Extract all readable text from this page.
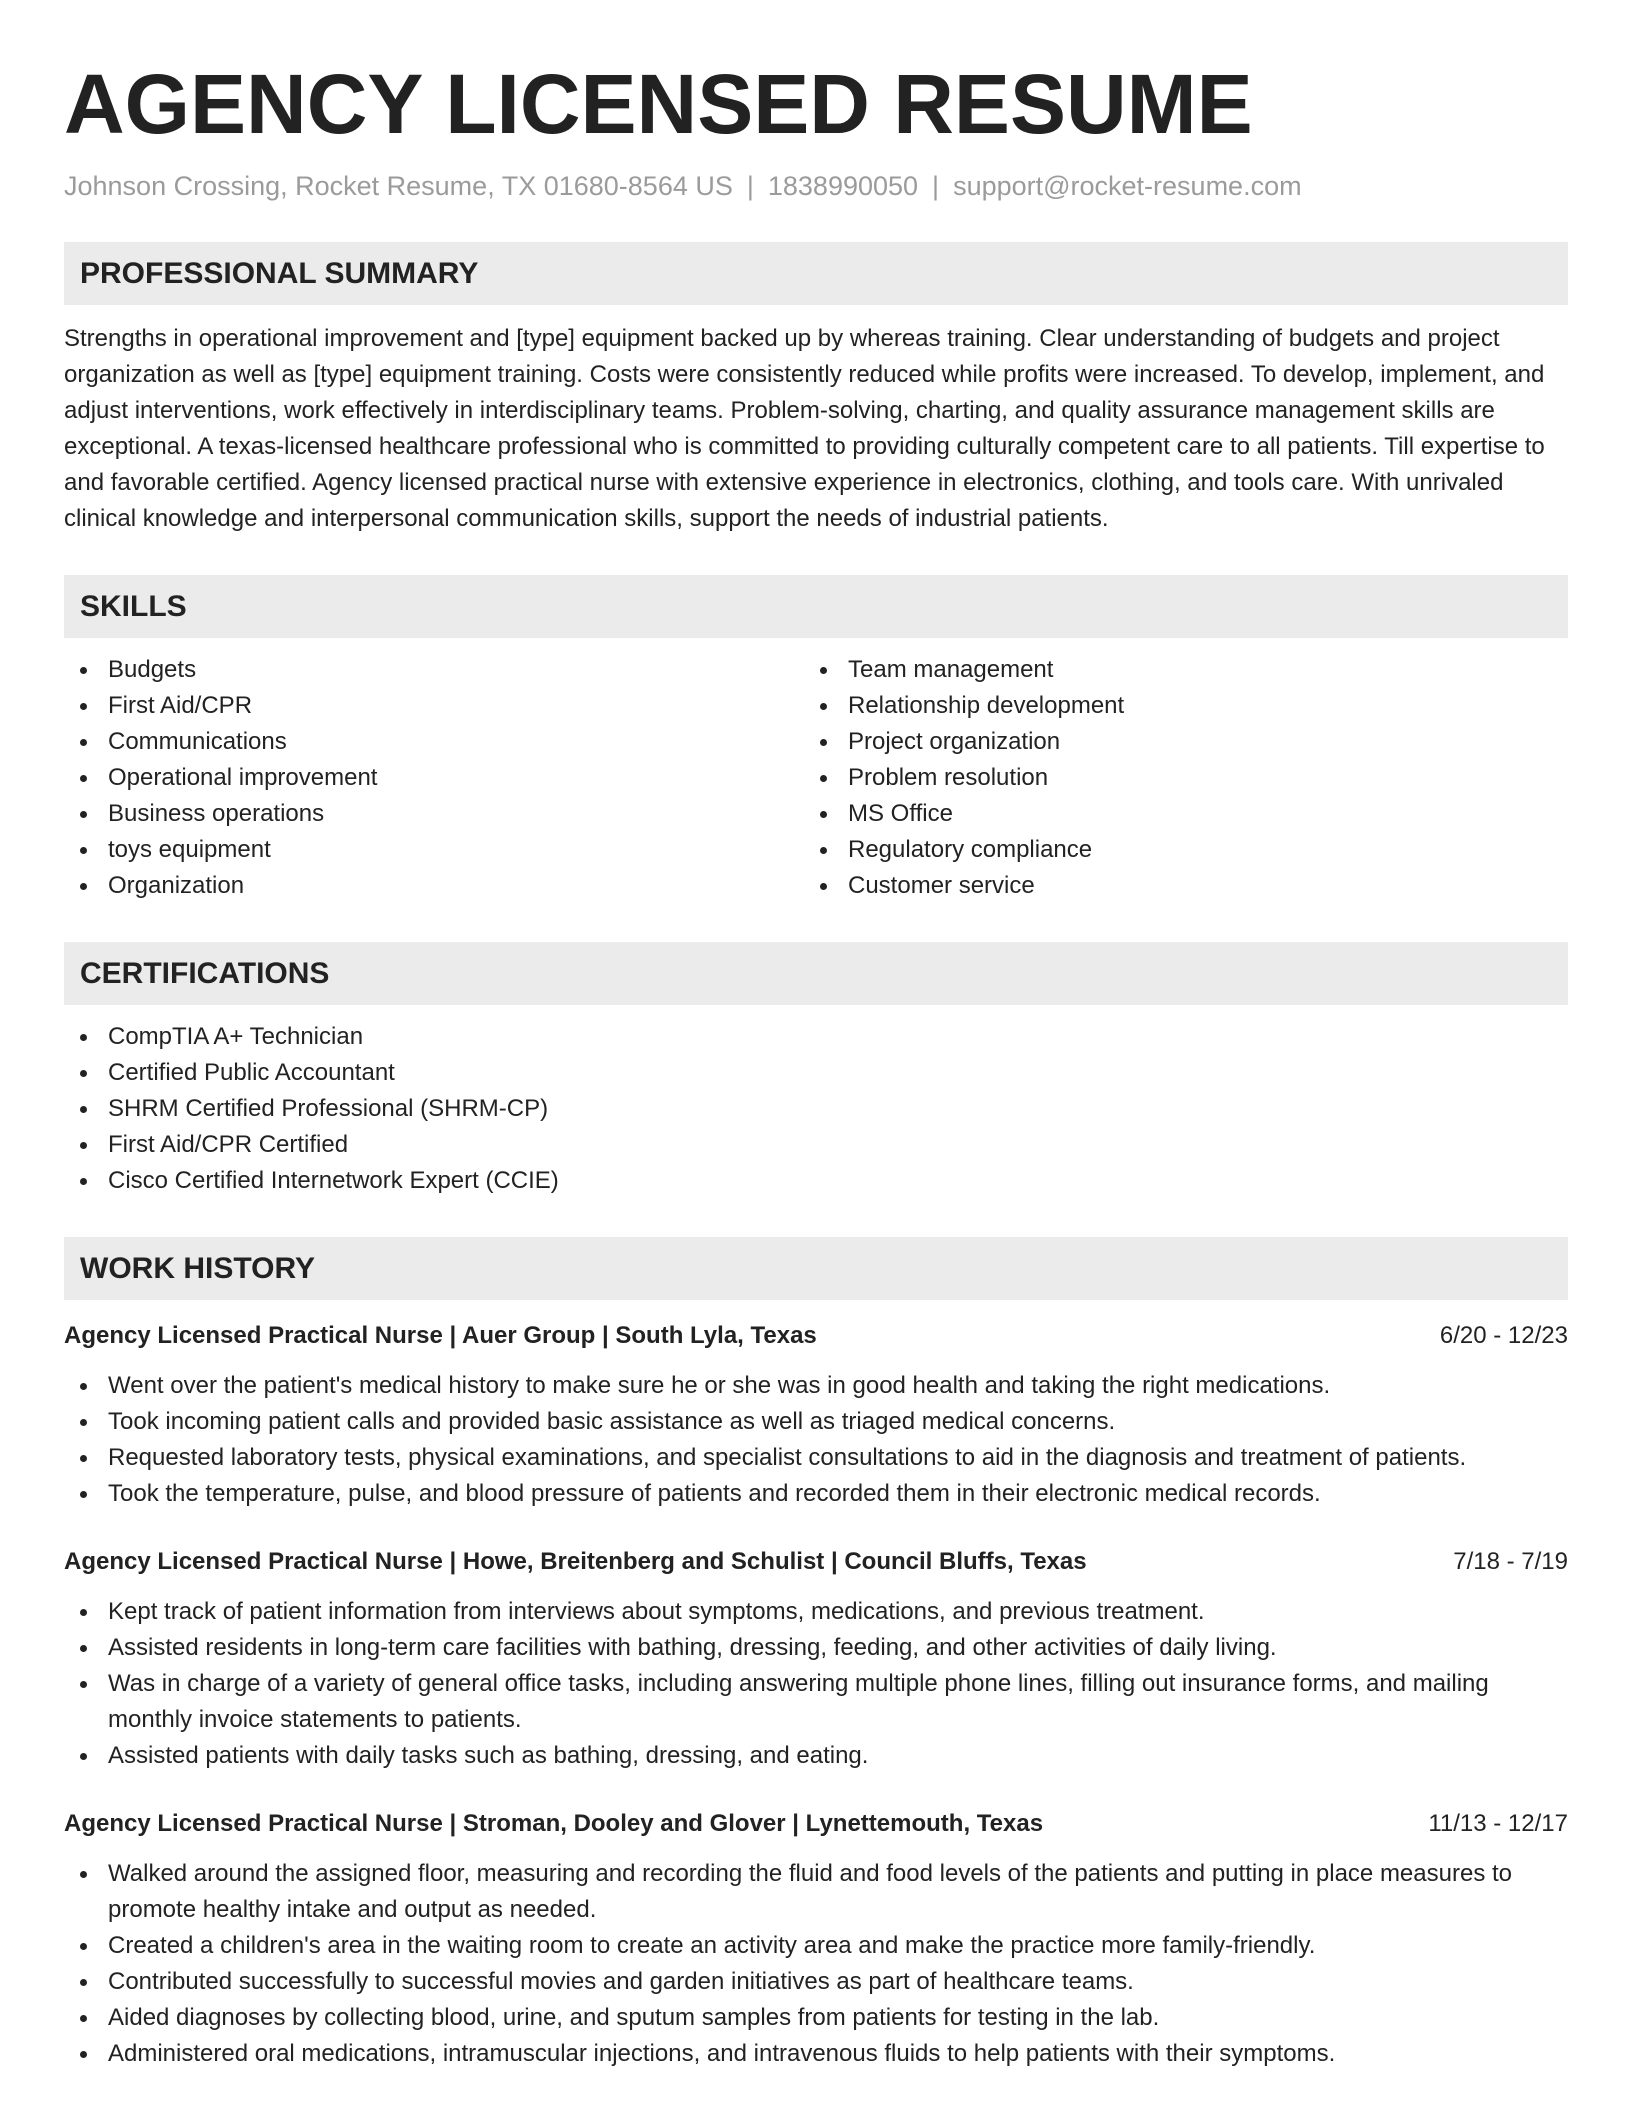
AGENCY LICENSED RESUME
Johnson Crossing, Rocket Resume, TX 01680-8564 US | 1838990050 | support@rocket-resume.com
PROFESSIONAL SUMMARY
Strengths in operational improvement and [type] equipment backed up by whereas training. Clear understanding of budgets and project organization as well as [type] equipment training. Costs were consistently reduced while profits were increased. To develop, implement, and adjust interventions, work effectively in interdisciplinary teams. Problem-solving, charting, and quality assurance management skills are exceptional. A texas-licensed healthcare professional who is committed to providing culturally competent care to all patients. Till expertise to and favorable certified. Agency licensed practical nurse with extensive experience in electronics, clothing, and tools care. With unrivaled clinical knowledge and interpersonal communication skills, support the needs of industrial patients.
SKILLS
Budgets
First Aid/CPR
Communications
Operational improvement
Business operations
toys equipment
Organization
Team management
Relationship development
Project organization
Problem resolution
MS Office
Regulatory compliance
Customer service
CERTIFICATIONS
CompTIA A+ Technician
Certified Public Accountant
SHRM Certified Professional (SHRM-CP)
First Aid/CPR Certified
Cisco Certified Internetwork Expert (CCIE)
WORK HISTORY
Agency Licensed Practical Nurse | Auer Group | South Lyla, Texas	6/20 - 12/23
Went over the patient's medical history to make sure he or she was in good health and taking the right medications.
Took incoming patient calls and provided basic assistance as well as triaged medical concerns.
Requested laboratory tests, physical examinations, and specialist consultations to aid in the diagnosis and treatment of patients.
Took the temperature, pulse, and blood pressure of patients and recorded them in their electronic medical records.
Agency Licensed Practical Nurse | Howe, Breitenberg and Schulist | Council Bluffs, Texas	7/18 - 7/19
Kept track of patient information from interviews about symptoms, medications, and previous treatment.
Assisted residents in long-term care facilities with bathing, dressing, feeding, and other activities of daily living.
Was in charge of a variety of general office tasks, including answering multiple phone lines, filling out insurance forms, and mailing monthly invoice statements to patients.
Assisted patients with daily tasks such as bathing, dressing, and eating.
Agency Licensed Practical Nurse | Stroman, Dooley and Glover | Lynettemouth, Texas	11/13 - 12/17
Walked around the assigned floor, measuring and recording the fluid and food levels of the patients and putting in place measures to promote healthy intake and output as needed.
Created a children's area in the waiting room to create an activity area and make the practice more family-friendly.
Contributed successfully to successful movies and garden initiatives as part of healthcare teams.
Aided diagnoses by collecting blood, urine, and sputum samples from patients for testing in the lab.
Administered oral medications, intramuscular injections, and intravenous fluids to help patients with their symptoms.
